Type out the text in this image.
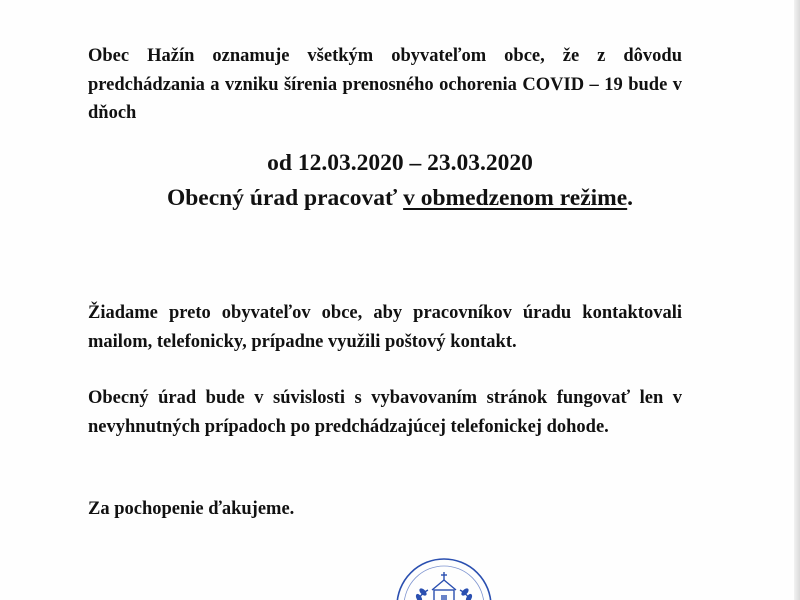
Obec Hažín oznamuje všetkým obyvateľom obce, že z dôvodu predchádzania a vzniku šírenia prenosného ochorenia COVID – 19 bude v dňoch

od 12.03.2020 – 23.03.2020
Obecný úrad pracovať v obmedzenom režime.

Žiadame preto obyvateľov obce, aby pracovníkov úradu kontaktovali mailom, telefonicky, prípadne využili poštový kontakt.

Obecný úrad bude v súvislosti s vybavovaním stránok fungovať len v nevyhnutných prípadoch po predchádzajúcej telefonickej dohode.

Za pochopenie ďakujeme.
